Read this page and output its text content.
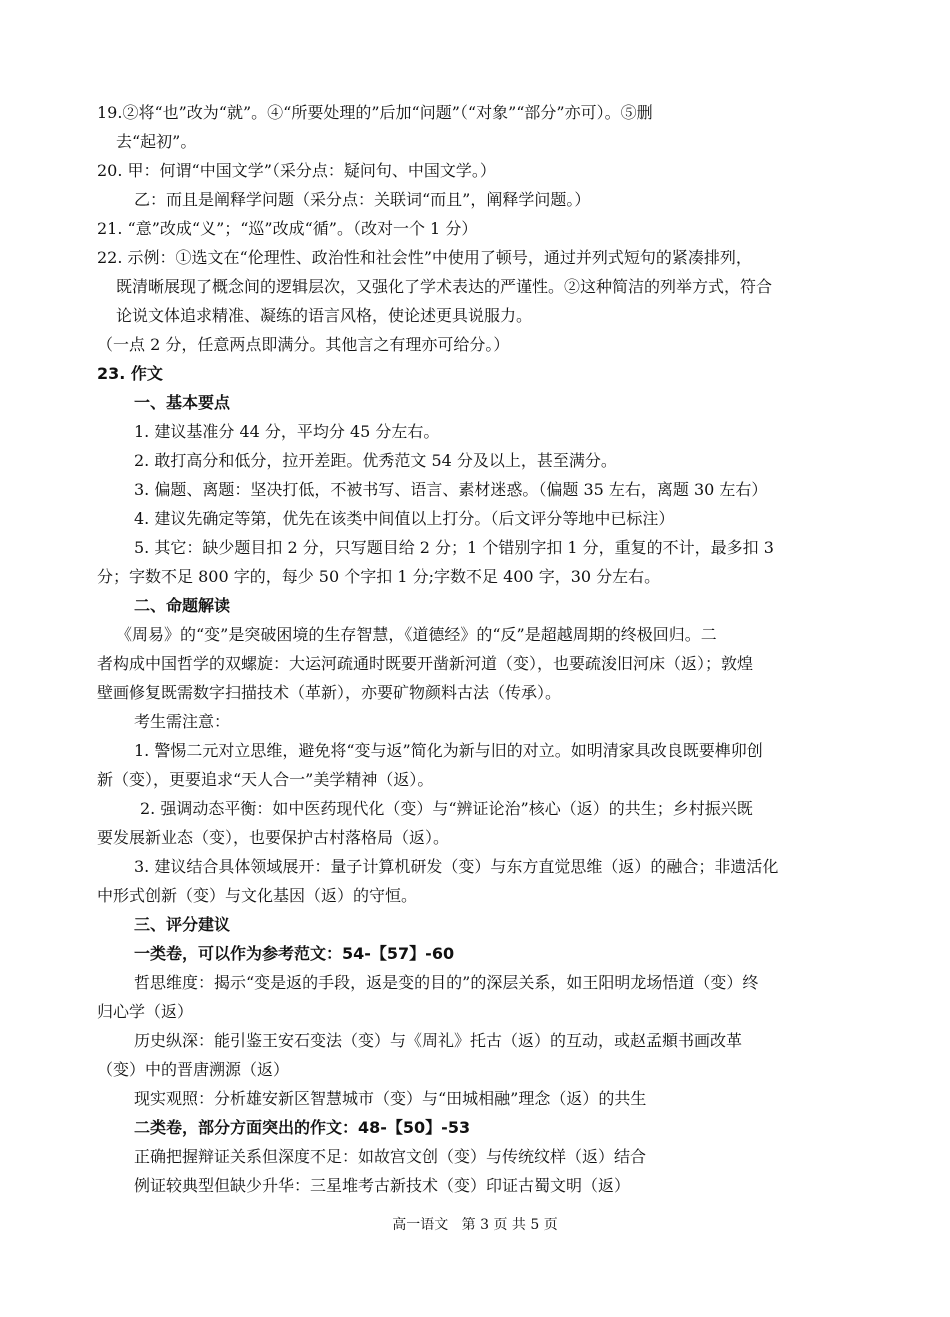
19.②将“也”改为“就”。④“所要处理的”后加“问题”（“对象”“部分”亦可）。⑤删
去“起初”。
20. 甲：何谓“中国文学”（采分点：疑问句、中国文学。）
乙：而且是阐释学问题（采分点：关联词“而且”，阐释学问题。）
21. “意”改成“义”；“巡”改成“循”。（改对一个 1 分）
22. 示例：①选文在“伦理性、政治性和社会性”中使用了顿号，通过并列式短句的紧凑排列，
既清晰展现了概念间的逻辑层次，又强化了学术表达的严谨性。②这种简洁的列举方式，符合
论说文体追求精准、凝练的语言风格，使论述更具说服力。
（一点 2 分，任意两点即满分。其他言之有理亦可给分。）
23. 作文
一、基本要点
1. 建议基准分 44 分，平均分 45 分左右。
2. 敢打高分和低分，拉开差距。优秀范文 54 分及以上，甚至满分。
3. 偏题、离题：坚决打低，不被书写、语言、素材迷惑。（偏题 35 左右，离题 30 左右）
4. 建议先确定等第，优先在该类中间值以上打分。（后文评分等地中已标注）
5. 其它：缺少题目扣 2 分，只写题目给 2 分；1 个错别字扣 1 分，重复的不计，最多扣 3
分；字数不足 800 字的，每少 50 个字扣 1 分;字数不足 400 字，30 分左右。
二、命题解读
《周易》的“变”是突破困境的生存智慧，《道德经》的“反”是超越周期的终极回归。二
者构成中国哲学的双螺旋：大运河疏通时既要开凿新河道（变），也要疏浚旧河床（返）；敦煌
壁画修复既需数字扫描技术（革新），亦要矿物颜料古法（传承）。
考生需注意：
1. 警惕二元对立思维，避免将“变与返”简化为新与旧的对立。如明清家具改良既要榫卯创
新（变），更要追求“天人合一”美学精神（返）。
2. 强调动态平衡：如中医药现代化（变）与“辨证论治”核心（返）的共生；乡村振兴既
要发展新业态（变），也要保护古村落格局（返）。
3. 建议结合具体领域展开：量子计算机研发（变）与东方直觉思维（返）的融合；非遗活化
中形式创新（变）与文化基因（返）的守恒。
三、评分建议
一类卷，可以作为参考范文：54-【57】-60
哲思维度：揭示“变是返的手段，返是变的目的”的深层关系，如王阳明龙场悟道（变）终
归心学（返）
历史纵深：能引鉴王安石变法（变）与《周礼》托古（返）的互动，或赵孟頫书画改革
（变）中的晋唐溯源（返）
现实观照：分析雄安新区智慧城市（变）与“田城相融”理念（返）的共生
二类卷，部分方面突出的作文：48-【50】-53
正确把握辩证关系但深度不足：如故宫文创（变）与传统纹样（返）结合
例证较典型但缺少升华：三星堆考古新技术（变）印证古蜀文明（返）
高一语文   第 3 页 共 5 页
